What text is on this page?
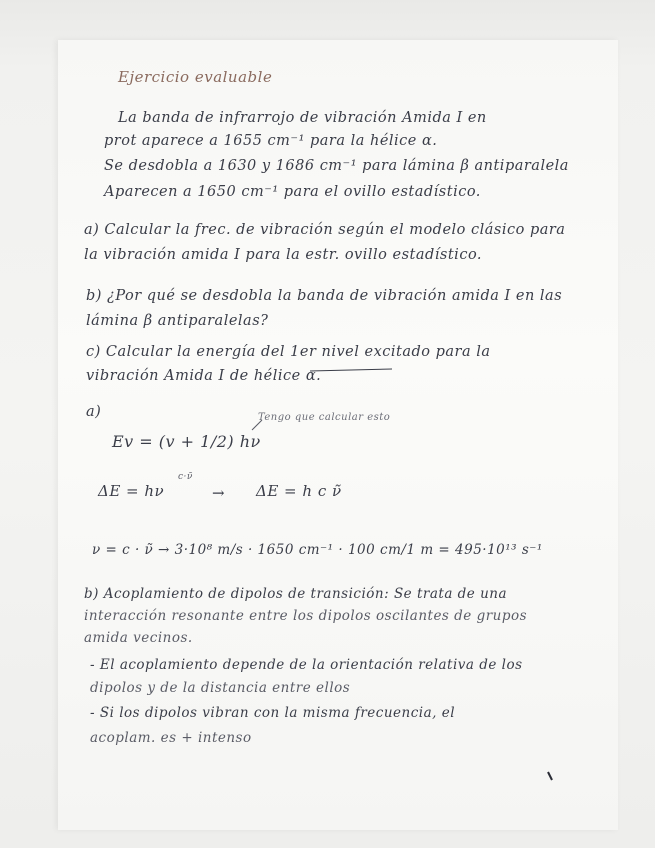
Ejercicio evaluable
La banda de infrarrojo de vibración Amida I en
prot aparece a 1655 cm⁻¹ para la hélice α.
Se desdobla a 1630 y 1686 cm⁻¹ para lámina β antiparalela
Aparecen a 1650 cm⁻¹ para el ovillo estadístico.
a) Calcular la frec. de vibración según el modelo clásico para
la vibración amida I para la estr. ovillo estadístico.
b) ¿Por qué se desdobla la banda de vibración amida I en las
lámina β antiparalelas?
c) Calcular la energía del 1er nivel excitado para la
vibración Amida I de hélice α.
a)	Tengo que calcular esto
Ev = (v + 1/2) hν
ΔE = hν
c·ν̃
→ ΔE = h c ν̃
ν = c · ν̃ → 3·10⁸ m/s · 1650 cm⁻¹ · 100 cm/1 m = 495·10¹³ s⁻¹
b) Acoplamiento de dipolos de transición: Se trata de una
interacción resonante entre los dipolos oscilantes de grupos
amida vecinos.
- El acoplamiento depende de la orientación relativa de los
dipolos y de la distancia entre ellos
- Si los dipolos vibran con la misma frecuencia, el
acoplam. es + intenso
